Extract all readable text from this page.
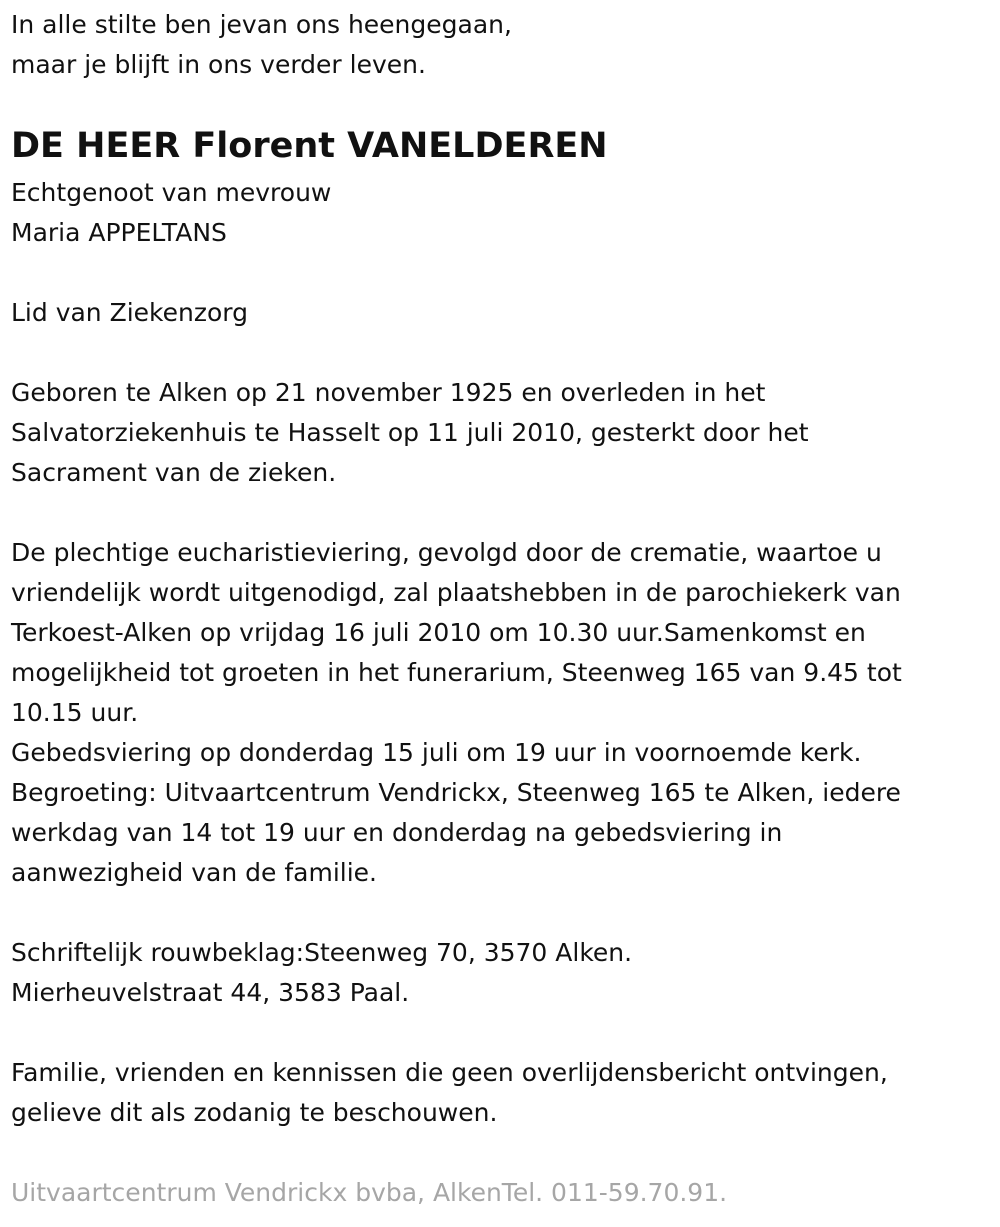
In alle stilte ben jevan ons heengegaan,
maar je blijft in ons verder leven.
DE HEER Florent VANELDEREN
Echtgenoot van mevrouw
Maria APPELTANS
Lid van Ziekenzorg
Geboren te Alken op 21 november 1925 en overleden in het
Salvatorziekenhuis te Hasselt op 11 juli 2010, gesterkt door het
Sacrament van de zieken.
De plechtige eucharistieviering, gevolgd door de crematie, waartoe u
vriendelijk wordt uitgenodigd, zal plaatshebben in de parochiekerk van
Terkoest-Alken op vrijdag 16 juli 2010 om 10.30 uur.Samenkomst en
mogelijkheid tot groeten in het funerarium, Steenweg 165 van 9.45 tot
10.15 uur.
Gebedsviering op donderdag 15 juli om 19 uur in voornoemde kerk.
Begroeting: Uitvaartcentrum Vendrickx, Steenweg 165 te Alken, iedere
werkdag van 14 tot 19 uur en donderdag na gebedsviering in
aanwezigheid van de familie.
Schriftelijk rouwbeklag:Steenweg 70, 3570 Alken.
Mierheuvelstraat 44, 3583 Paal.
Familie, vrienden en kennissen die geen overlijdensbericht ontvingen,
gelieve dit als zodanig te beschouwen.
Uitvaartcentrum Vendrickx bvba, AlkenTel. 011-59.70.91.
